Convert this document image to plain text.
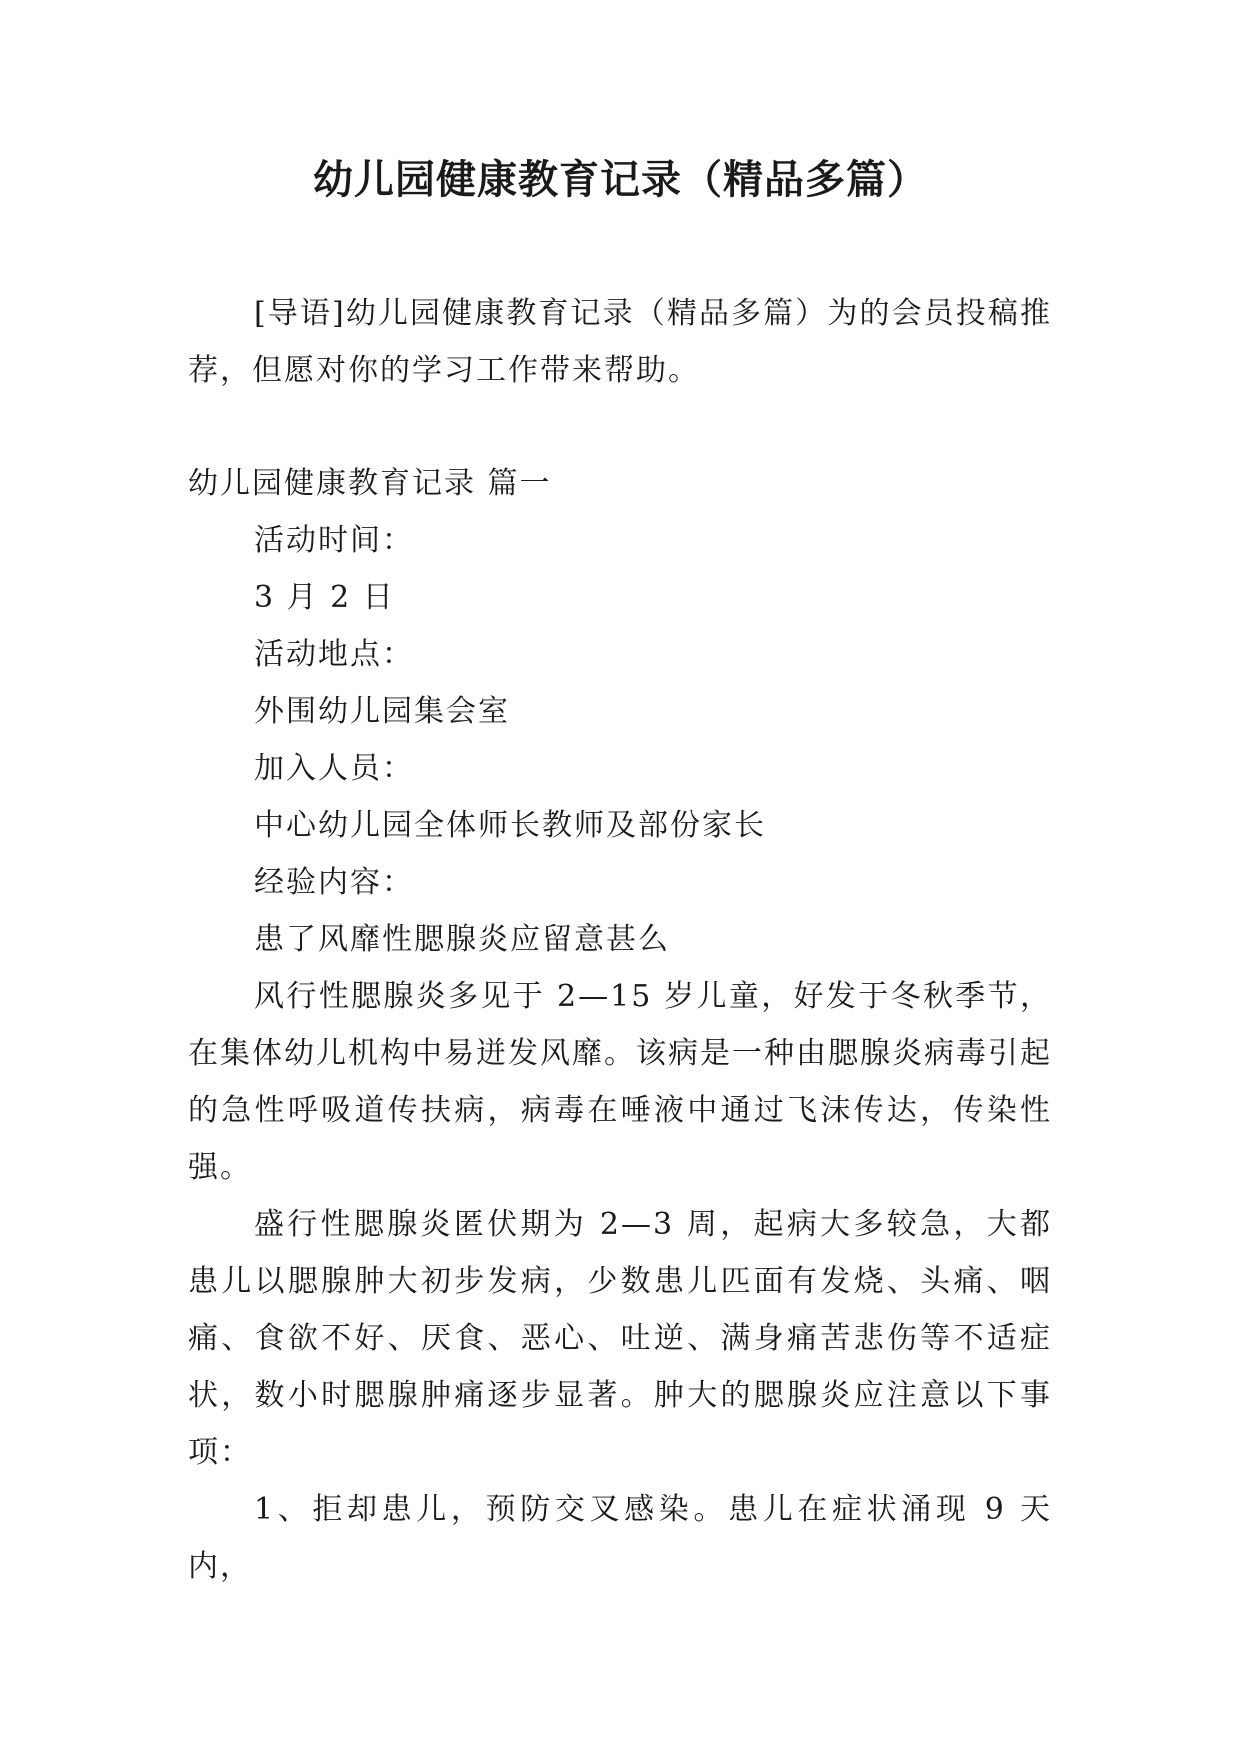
幼儿园健康教育记录（精品多篇）

[导语]幼儿园健康教育记录（精品多篇）为的会员投稿推荐，但愿对你的学习工作带来帮助。

幼儿园健康教育记录 篇一

活动时间：

3 月 2 日

活动地点：

外围幼儿园集会室

加入人员：

中心幼儿园全体师长教师及部份家长

经验内容：

患了风靡性腮腺炎应留意甚么

风行性腮腺炎多见于 2—15 岁儿童，好发于冬秋季节，在集体幼儿机构中易迸发风靡。该病是一种由腮腺炎病毒引起的急性呼吸道传扶病，病毒在唾液中通过飞沫传达，传染性强。

盛行性腮腺炎匿伏期为 2—3 周，起病大多较急，大都患儿以腮腺肿大初步发病，少数患儿匹面有发烧、头痛、咽痛、食欲不好、厌食、恶心、吐逆、满身痛苦悲伤等不适症状，数小时腮腺肿痛逐步显著。肿大的腮腺炎应注意以下事项：

1、拒却患儿，预防交叉感染。患儿在症状涌现 9 天内，
